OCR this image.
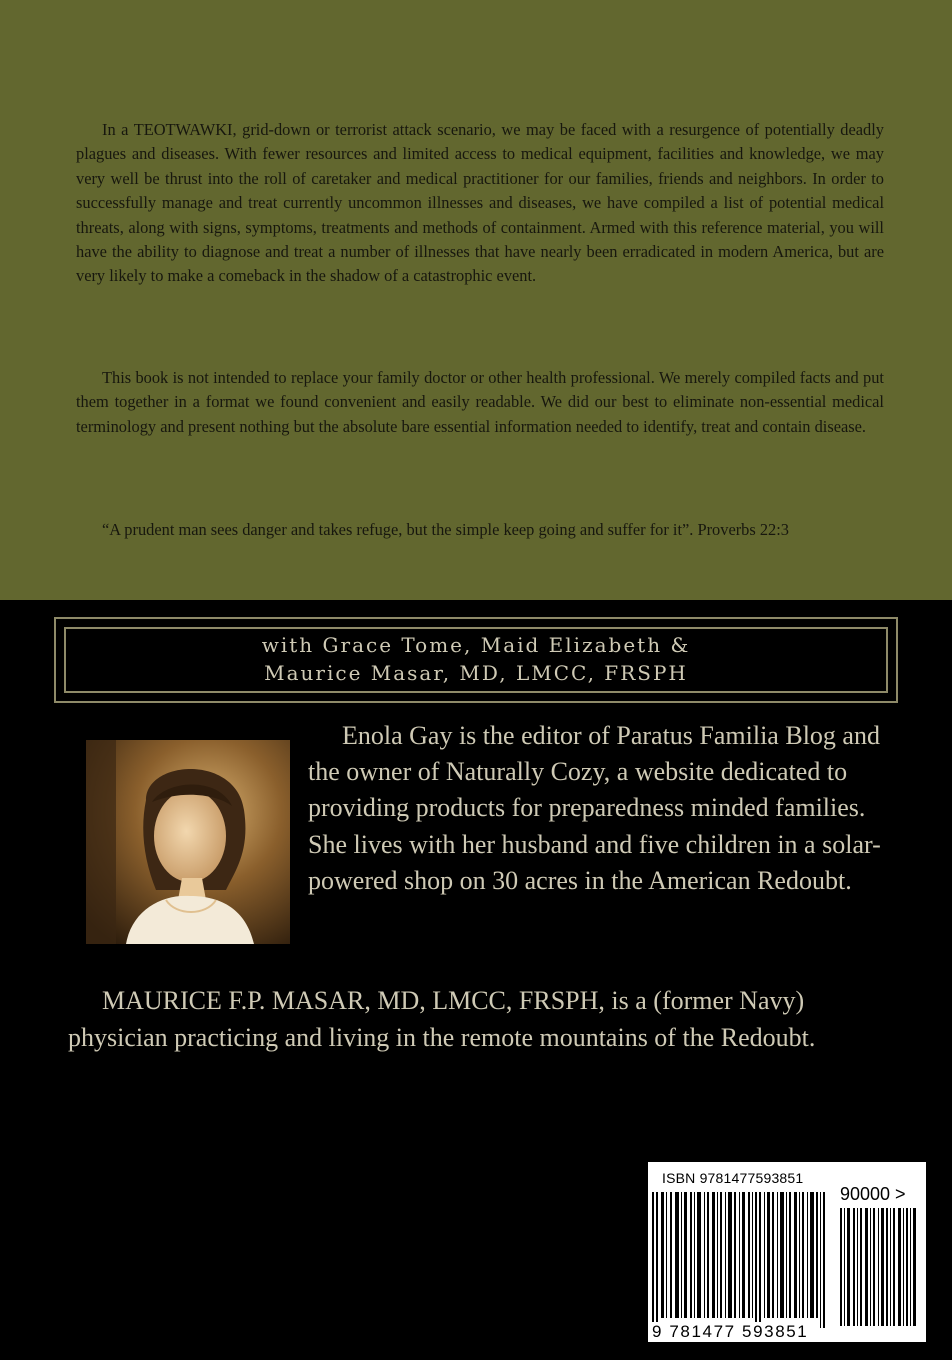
In a TEOTWAWKI, grid-down or terrorist attack scenario, we may be faced with a resurgence of potentially deadly plagues and diseases. With fewer resources and limited access to medical equipment, facilities and knowledge, we may very well be thrust into the roll of caretaker and medical practitioner for our families, friends and neighbors. In order to successfully manage and treat currently uncommon illnesses and diseases, we have compiled a list of potential medical threats, along with signs, symptoms, treatments and methods of containment. Armed with this reference material, you will have the ability to diagnose and treat a number of illnesses that have nearly been erradicated in modern America, but are very likely to make a comeback in the shadow of a catastrophic event.

This book is not intended to replace your family doctor or other health professional. We merely compiled facts and put them together in a format we found convenient and easily readable. We did our best to eliminate non-essential medical terminology and present nothing but the absolute bare essential information needed to identify, treat and contain disease.

“A prudent man sees danger and takes refuge, but the simple keep going and suffer for it”. Proverbs 22:3

with Grace Tome, Maid Elizabeth &
Maurice Masar, MD, LMCC, FRSPH

Enola Gay is the editor of Paratus Familia Blog and the owner of Naturally Cozy, a website dedicated to providing products for preparedness minded families. She lives with her husband and five children in a solar-powered shop on 30 acres in the American Redoubt.

MAURICE F.P. MASAR, MD, LMCC, FRSPH, is a (former Navy) physician practicing and living in the remote mountains of the Redoubt.

ISBN 9781477593851
90000 >
9 781477 593851
